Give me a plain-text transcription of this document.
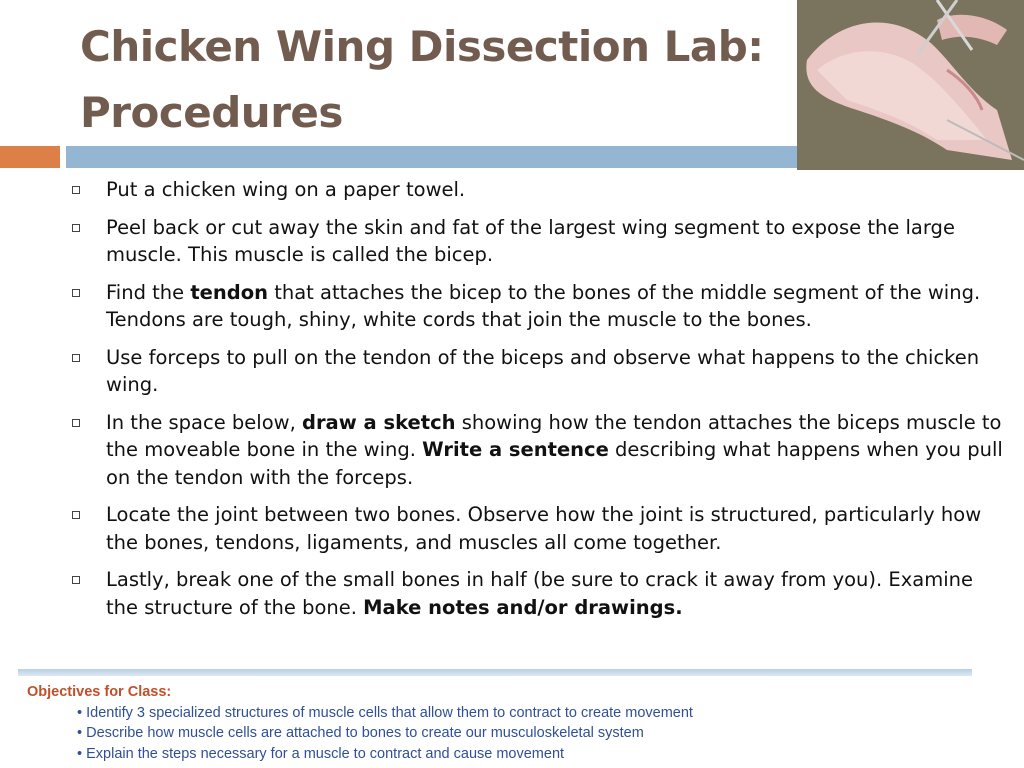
Chicken Wing Dissection Lab:
Procedures
Put a chicken wing on a paper towel.
Peel back or cut away the skin and fat of the largest wing segment to expose the large muscle. This muscle is called the bicep.
Find the tendon that attaches the bicep to the bones of the middle segment of the wing. Tendons are tough, shiny, white cords that join the muscle to the bones.
Use forceps to pull on the tendon of the biceps and observe what happens to the chicken wing.
In the space below, draw a sketch showing how the tendon attaches the biceps muscle to the moveable bone in the wing. Write a sentence describing what happens when you pull on the tendon with the forceps.
Locate the joint between two bones. Observe how the joint is structured, particularly how the bones, tendons, ligaments, and muscles all come together.
Lastly, break one of the small bones in half (be sure to crack it away from you). Examine the structure of the bone. Make notes and/or drawings.
Objectives for Class:
• Identify 3 specialized structures of muscle cells that allow them to contract to create movement
• Describe how muscle cells are attached to bones to create our musculoskeletal system
• Explain the steps necessary for a muscle to contract and cause movement
